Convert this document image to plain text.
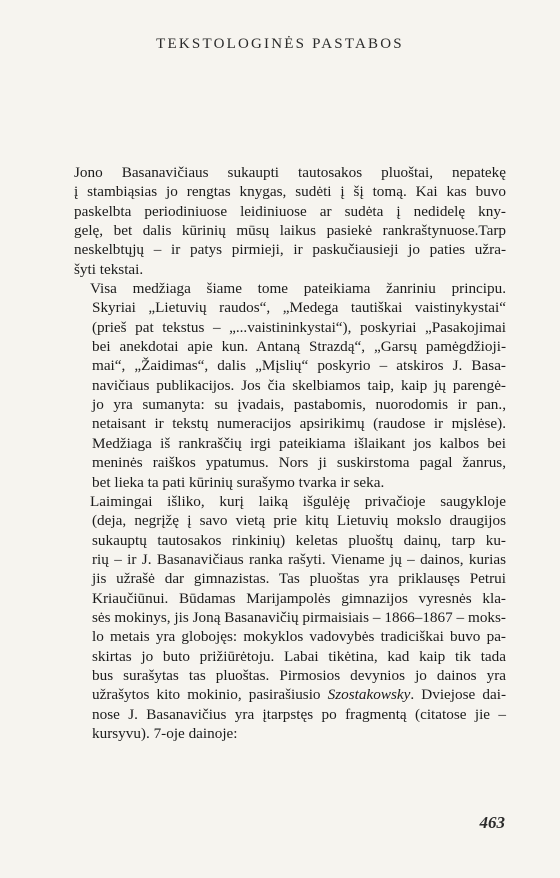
TEKSTOLOGINĖS PASTABOS
Jono Basanavičiaus sukaupti tautosakos pluoštai, nepatekę
į stambiąsias jo rengtas knygas, sudėti į šį tomą. Kai kas buvo
paskelbta periodiniuose leidiniuose ar sudėta į nedidelę kny-
gelę, bet dalis kūrinių mūsų laikus pasiekė rankraštynuose.Tarp
neskelbtųjų – ir patys pirmieji, ir paskučiausieji jo paties užra-
šyti tekstai.
Visa medžiaga šiame tome pateikiama žanriniu principu.
Skyriai „Lietuvių raudos“, „Medega tautiškai vaistinykystai“
(prieš pat tekstus – „...vaistininkystai“), poskyriai „Pasakojimai
bei anekdotai apie kun. Antaną Strazdą“, „Garsų pamėgdžioji-
mai“, „Žaidimas“, dalis „Mįslių“ poskyrio – atskiros J. Basa-
navičiaus publikacijos. Jos čia skelbiamos taip, kaip jų parengė-
jo yra sumanyta: su įvadais, pastabomis, nuorodomis ir pan.,
netaisant ir tekstų numeracijos apsirikimų (raudose ir mįslėse).
Medžiaga iš rankraščių irgi pateikiama išlaikant jos kalbos bei
meninės raiškos ypatumus. Nors ji suskirstoma pagal žanrus,
bet lieka ta pati kūrinių surašymo tvarka ir seka.
Laimingai išliko, kurį laiką išgulėję privačioje saugykloje
(deja, negrįžę į savo vietą prie kitų Lietuvių mokslo draugijos
sukauptų tautosakos rinkinių) keletas pluoštų dainų, tarp ku-
rių – ir J. Basanavičiaus ranka rašyti. Viename jų – dainos, kurias
jis užrašė dar gimnazistas. Tas pluoštas yra priklausęs Petrui
Kriaučiūnui. Būdamas Marijampolės gimnazijos vyresnės kla-
sės mokinys, jis Joną Basanavičių pirmaisiais – 1866–1867 – moks-
lo metais yra globojęs: mokyklos vadovybės tradiciškai buvo pa-
skirtas jo buto prižiūrėtoju. Labai tikėtina, kad kaip tik tada
bus surašytas tas pluoštas. Pirmosios devynios jo dainos yra
užrašytos kito mokinio, pasirašiusio Szostakowsky. Dviejose dai-
nose J. Basanavičius yra įtarpstęs po fragmentą (citatose jie –
kursyvu). 7-oje dainoje:
463
